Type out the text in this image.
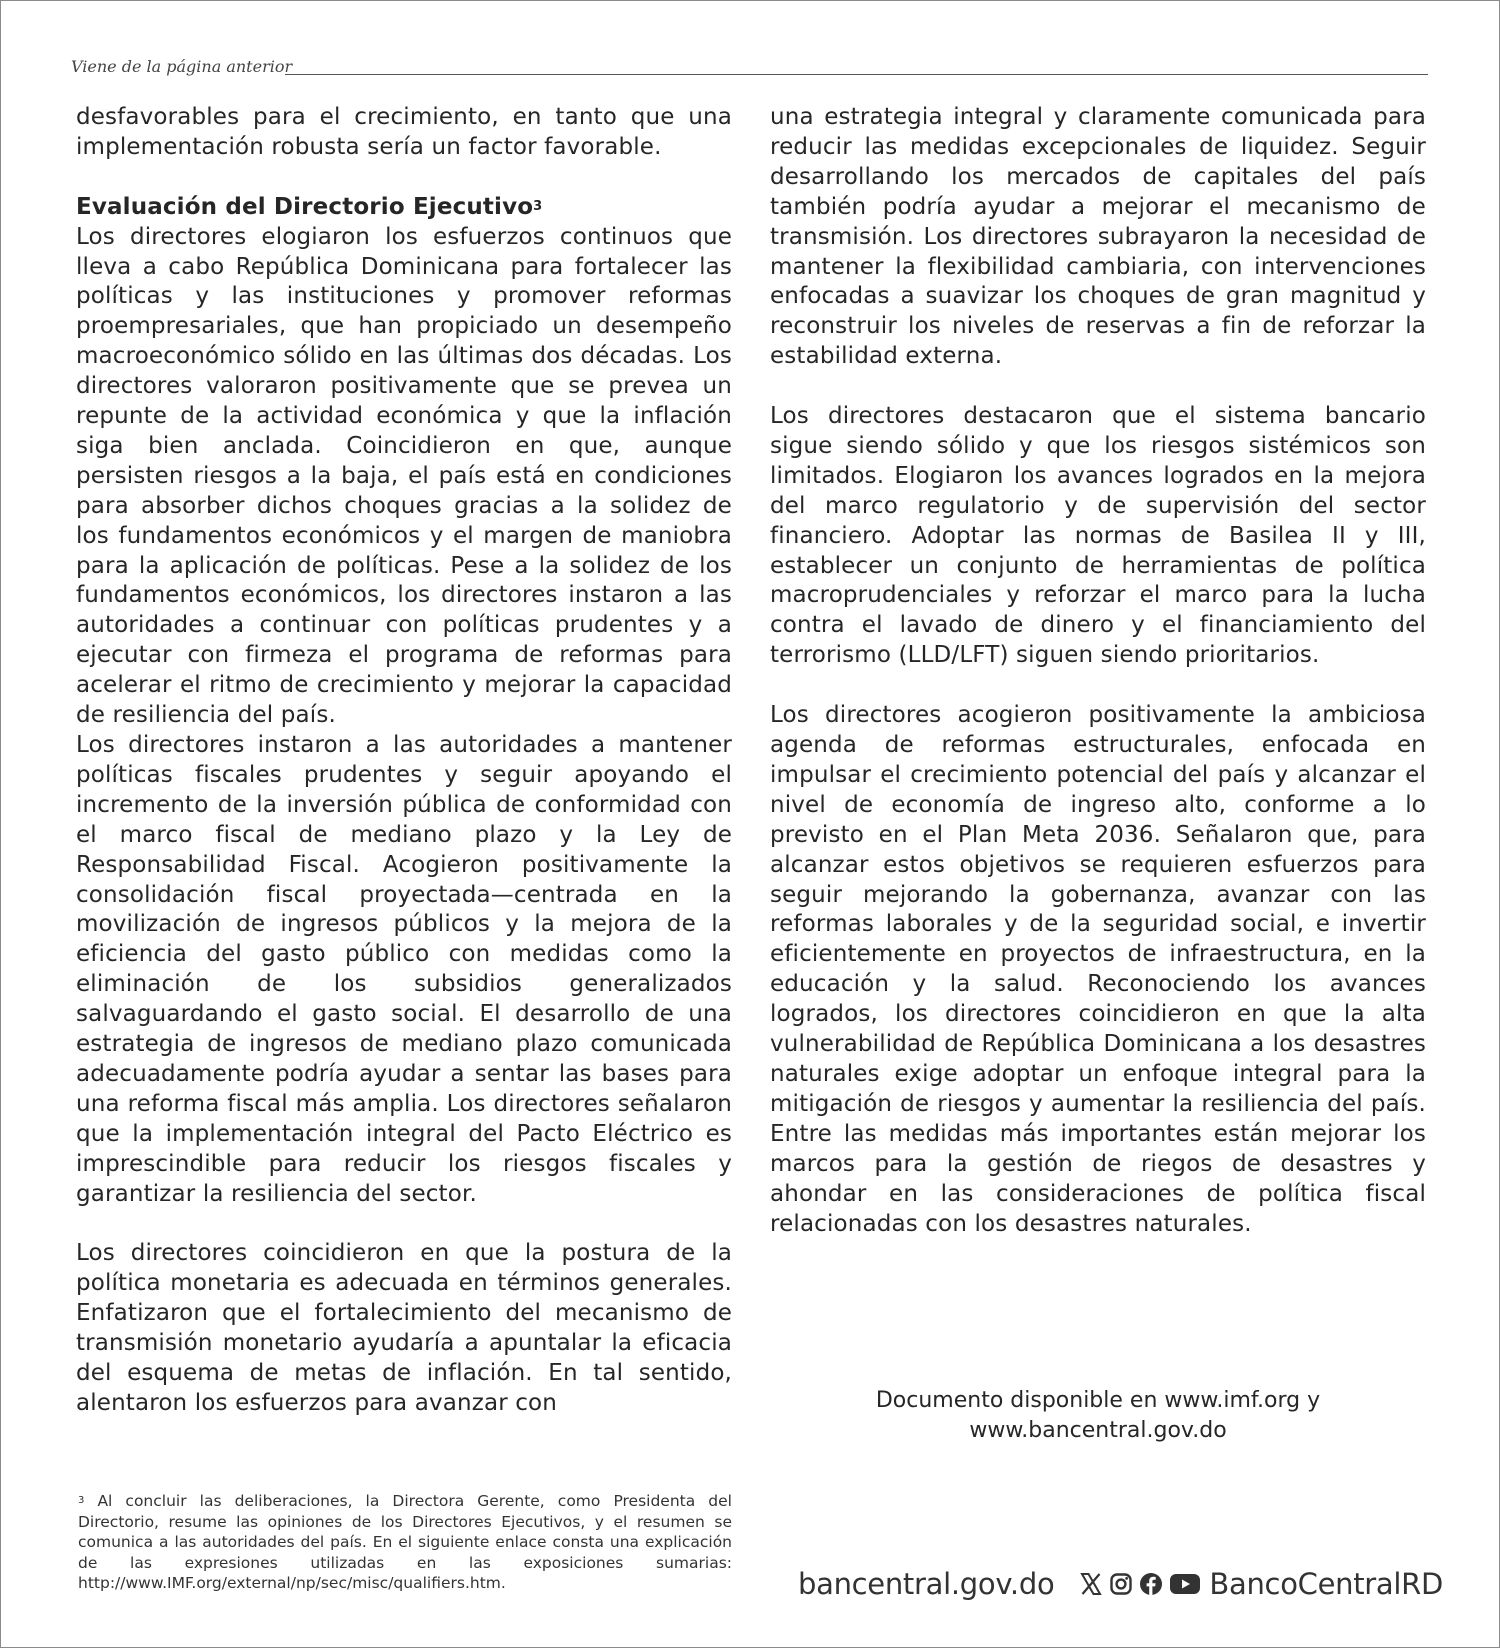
Viene de la página anterior

desfavorables para el crecimiento, en tanto que una implementación robusta sería un factor favorable.

Evaluación del Directorio Ejecutivo$^3$

Los directores elogiaron los esfuerzos continuos que lleva a cabo República Dominicana para fortalecer las políticas y las instituciones y promover reformas proempresariales, que han propiciado un desempeño macroeconómico sólido en las últimas dos décadas. Los directores valoraron positivamente que se prevea un repunte de la actividad económica y que la inflación siga bien anclada. Coincidieron en que, aunque persisten riesgos a la baja, el país está en condiciones para absorber dichos choques gracias a la solidez de los fundamentos económicos y el margen de maniobra para la aplicación de políticas. Pese a la solidez de los fundamentos económicos, los directores instaron a las autoridades a continuar con políticas prudentes y a ejecutar con firmeza el programa de reformas para acelerar el ritmo de crecimiento y mejorar la capacidad de resiliencia del país.

Los directores instaron a las autoridades a mantener políticas fiscales prudentes y seguir apoyando el incremento de la inversión pública de conformidad con el marco fiscal de mediano plazo y la Ley de Responsabilidad Fiscal. Acogieron positivamente la consolidación fiscal proyectada—centrada en la movilización de ingresos públicos y la mejora de la eficiencia del gasto público con medidas como la eliminación de los subsidios generalizados salvaguardando el gasto social. El desarrollo de una estrategia de ingresos de mediano plazo comunicada adecuadamente podría ayudar a sentar las bases para una reforma fiscal más amplia. Los directores señalaron que la implementación integral del Pacto Eléctrico es imprescindible para reducir los riesgos fiscales y garantizar la resiliencia del sector.

Los directores coincidieron en que la postura de la política monetaria es adecuada en términos generales. Enfatizaron que el fortalecimiento del mecanismo de transmisión monetario ayudaría a apuntalar la eficacia del esquema de metas de inflación. En tal sentido, alentaron los esfuerzos para avanzar con

una estrategia integral y claramente comunicada para reducir las medidas excepcionales de liquidez. Seguir desarrollando los mercados de capitales del país también podría ayudar a mejorar el mecanismo de transmisión. Los directores subrayaron la necesidad de mantener la flexibilidad cambiaria, con intervenciones enfocadas a suavizar los choques de gran magnitud y reconstruir los niveles de reservas a fin de reforzar la estabilidad externa.

Los directores destacaron que el sistema bancario sigue siendo sólido y que los riesgos sistémicos son limitados. Elogiaron los avances logrados en la mejora del marco regulatorio y de supervisión del sector financiero. Adoptar las normas de Basilea II y III, establecer un conjunto de herramientas de política macroprudenciales y reforzar el marco para la lucha contra el lavado de dinero y el financiamiento del terrorismo (LLD/LFT) siguen siendo prioritarios.

Los directores acogieron positivamente la ambiciosa agenda de reformas estructurales, enfocada en impulsar el crecimiento potencial del país y alcanzar el nivel de economía de ingreso alto, conforme a lo previsto en el Plan Meta 2036. Señalaron que, para alcanzar estos objetivos se requieren esfuerzos para seguir mejorando la gobernanza, avanzar con las reformas laborales y de la seguridad social, e invertir eficientemente en proyectos de infraestructura, en la educación y la salud. Reconociendo los avances logrados, los directores coincidieron en que la alta vulnerabilidad de República Dominicana a los desastres naturales exige adoptar un enfoque integral para la mitigación de riesgos y aumentar la resiliencia del país. Entre las medidas más importantes están mejorar los marcos para la gestión de riegos de desastres y ahondar en las consideraciones de política fiscal relacionadas con los desastres naturales.

Documento disponible en www.imf.org y
www.bancentral.gov.do
$^3$ Al concluir las deliberaciones, la Directora Gerente, como Presidenta del Directorio, resume las opiniones de los Directores Ejecutivos, y el resumen se comunica a las autoridades del país. En el siguiente enlace consta una explicación de las expresiones utilizadas en las exposiciones sumarias: http://www.IMF.org/external/np/sec/misc/qualifiers.htm.	bancentral.gov.do	BancoCentralRD
